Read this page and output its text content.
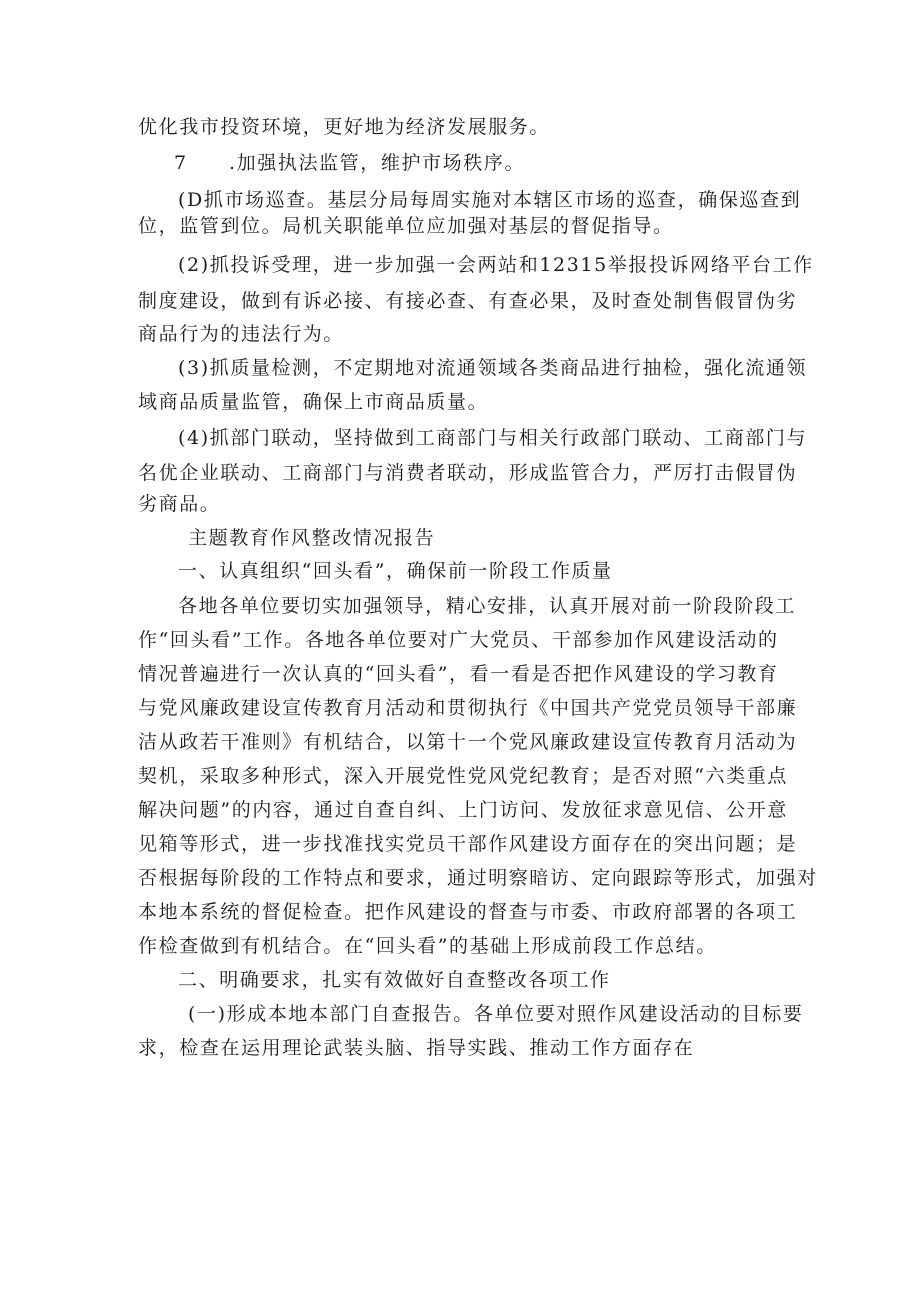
优化我市投资环境，更好地为经济发展服务。
7 .加强执法监管，维护市场秩序。
(D抓市场巡查。基层分局每周实施对本辖区市场的巡查，确保巡查到
位，监管到位。局机关职能单位应加强对基层的督促指导。
(2)抓投诉受理，进一步加强一会两站和12315举报投诉网络平台工作
制度建设，做到有诉必接、有接必查、有查必果，及时查处制售假冒伪劣
商品行为的违法行为。
(3)抓质量检测，不定期地对流通领域各类商品进行抽检，强化流通领
域商品质量监管，确保上市商品质量。
(4)抓部门联动，坚持做到工商部门与相关行政部门联动、工商部门与
名优企业联动、工商部门与消费者联动，形成监管合力，严厉打击假冒伪
劣商品。
主题教育作风整改情况报告
一、认真组织“回头看”，确保前一阶段工作质量
各地各单位要切实加强领导，精心安排，认真开展对前一阶段阶段工
作“回头看”工作。各地各单位要对广大党员、干部参加作风建设活动的
情况普遍进行一次认真的“回头看”，看一看是否把作风建设的学习教育
与党风廉政建设宣传教育月活动和贯彻执行《中国共产党党员领导干部廉
洁从政若干准则》有机结合，以第十一个党风廉政建设宣传教育月活动为
契机，采取多种形式，深入开展党性党风党纪教育；是否对照“六类重点
解决问题”的内容，通过自查自纠、上门访问、发放征求意见信、公开意
见箱等形式，进一步找准找实党员干部作风建设方面存在的突出问题；是
否根据每阶段的工作特点和要求，通过明察暗访、定向跟踪等形式，加强对
本地本系统的督促检查。把作风建设的督查与市委、市政府部署的各项工
作检查做到有机结合。在“回头看”的基础上形成前段工作总结。
二、明确要求，扎实有效做好自查整改各项工作
(一)形成本地本部门自查报告。各单位要对照作风建设活动的目标要
求，检查在运用理论武装头脑、指导实践、推动工作方面存在
